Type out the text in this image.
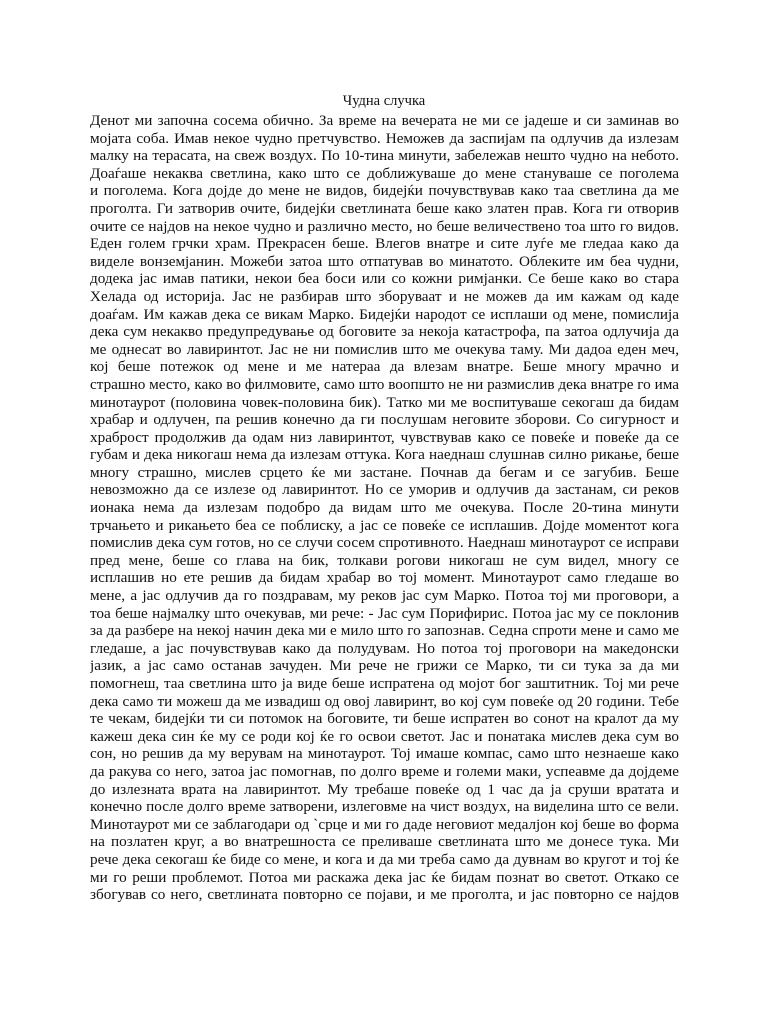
Чудна случка
Денот ми започна сосема обично. За време на вечерата не ми се јадеше и си заминав во
мојата соба. Имав некое чудно претчувство. Неможев да заспијам па одлучив да излезам
малку на терасата, на свеж воздух. По 10-тина минути, забележав нешто чудно на небото.
Доаѓаше некаква светлина, како што се доближуваше до мене стануваше се поголема
и поголема. Кога дојде до мене не видов, бидејќи почувствував како таа светлина да ме
проголта. Ги затворив очите, бидејќи светлината беше како златен прав. Кога ги отворив
очите се најдов на некое чудно и различно место, но беше величествено тоа што го видов.
Еден голем грчки храм. Прекрасен беше. Влегов внатре и сите луѓе ме гледаа како да
виделе вонземјанин. Можеби затоа што отпатував во минатото. Облеките им беа чудни,
додека јас имав патики, некои беа боси или со кожни римјанки. Се беше како во стара
Хелада од историја. Јас не разбирав што зборуваат и не можев да им кажам од каде
доаѓам. Им кажав дека се викам Марко. Бидејќи народот се исплаши од мене, помислија
дека сум некакво предупредување од боговите за некоја катастрофа, па затоа одлучија да
ме однесат во лавиринтот. Јас не ни помислив што ме очекува таму. Ми дадоа еден меч,
кој беше потежок од мене и ме натераа да влезам внатре. Беше многу мрачно и
страшно место, како во филмовите, само што воопшто не ни размислив дека внатре го има
минотаурот (половина човек-половина бик). Татко ми ме воспитуваше секогаш да бидам
храбар и одлучен, па решив конечно да ги послушам неговите зборови. Со сигурност и
храброст продолжив да одам низ лавиринтот, чувствував како се повеќе и повеќе да се
губам и дека никогаш нема да излезам оттука. Кога наеднаш слушнав силно рикање, беше
многу страшно, мислев срцето ќе ми застане. Почнав да бегам и се загубив. Беше
невозможно да се излезе од лавиринтот. Но се уморив и одлучив да застанам, си реков
ионака нема да излезам подобро да видам што ме очекува. После 20-тина минути
трчањето и рикањето беа се поблиску, а јас се повеќе се исплашив. Дојде моментот кога
помислив дека сум готов, но се случи сосем спротивното. Наеднаш минотаурот се исправи
пред мене, беше со глава на бик, толкави рогови никогаш не сум видел, многу се
исплашив но ете решив да бидам храбар во тој момент. Минотаурот само гледаше во
мене, а јас одлучив да го поздравам, му реков јас сум Марко. Потоа тој ми проговори, а
тоа беше најмалку што очекував, ми рече: - Јас сум Порифирис. Потоа јас му се поклонив
за да разбере на некој начин дека ми е мило што го запознав. Седна спроти мене и само ме
гледаше, а јас почувствував како да полудувам. Но потоа тој проговори на македонски
јазик, а јас само останав зачуден. Ми рече не грижи се Марко, ти си тука за да ми
помогнеш, таа светлина што ја виде беше испратена од мојот бог заштитник. Тој ми рече
дека само ти можеш да ме извадиш од овој лавиринт, во кој сум повеќе од 20 години. Тебе
те чекам, бидејќи ти си потомок на боговите, ти беше испратен во сонот на кралот да му
кажеш дека син ќе му се роди кој ќе го освои светот. Јас и понатака мислев дека сум во
сон, но решив да му верувам на минотаурот. Тој имаше компас, само што незнаеше како
да ракува со него, затоа јас помогнав, по долго време и големи маки, успеавме да дојдеме
до излезната врата на лавиринтот. Му требаше повеќе од 1 час да ја сруши вратата и
конечно после долго време затворени, излеговме на чист воздух, на виделина што се вели.
Минотаурот ми се заблагодари од `срце и ми го даде неговиот медалјон кој беше во форма
на позлатен круг, а во внатрешноста се преливаше светлината што ме донесе тука. Ми
рече дека секогаш ќе биде со мене, и кога и да ми треба само да дувнам во кругот и тој ќе
ми го реши проблемот. Потоа ми раскажа дека јас ќе бидам познат во светот. Откако се
збогував со него, светлината повторно се појави, и ме проголта, и јас повторно се најдов
